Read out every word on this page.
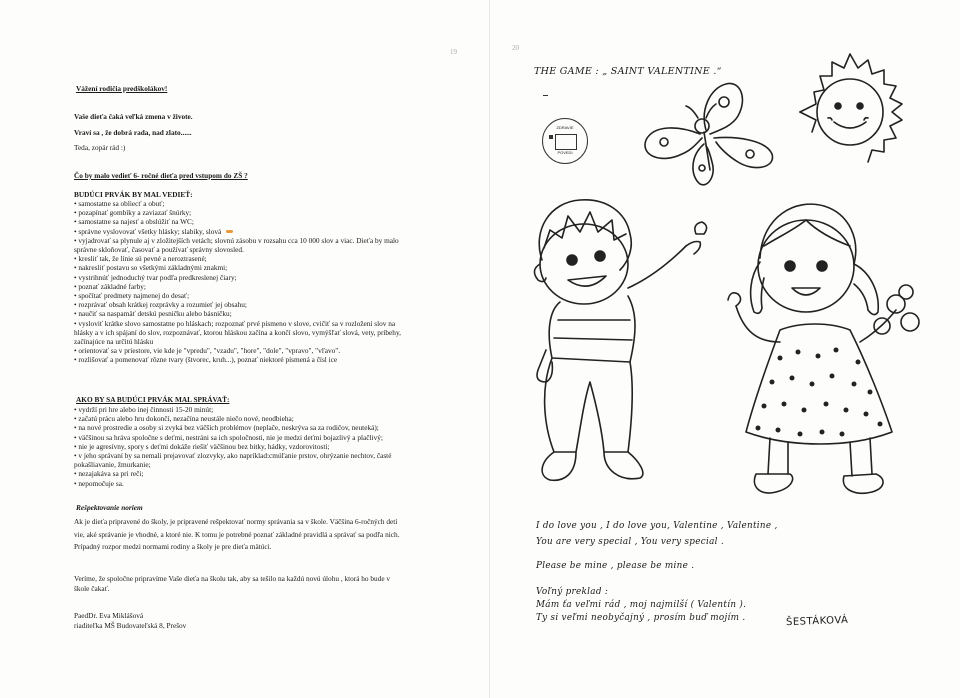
Vážení rodičia predškolákov!
Vaše dieťa čaká veľká zmena v živote.
Vraví sa , že dobrá rada, nad zlato......
Teda, zopár rád :)
Čo by malo vedieť 6- ročné dieťa pred vstupom do ZŠ ?
BUDÚCI PRVÁK BY MAL VEDIEŤ:
• samostatne sa obliecť a obuť;
• pozapínať gombíky a zaviazať šnúrky;
• samostatne sa najesť a obslúžiť na WC;
• správne vyslovovať všetky hlásky; slabiky, slová
• vyjadrovať sa plynule aj v zložitejších vetách; slovnú zásobu v rozsahu cca 10 000 slov a viac. Dieťa by malo
správne skloňovať, časovať a používať správny slovosled.
• kresliť tak, že línie sú pevné a neroztrasené;
• nakresliť postavu so všetkými základnými znakmi;
• vystrihnúť jednoduchý tvar podľa predkreslenej čiary;
• poznať základné farby;
• spočítať predmety najmenej do desať;
• rozprávať obsah krátkej rozprávky a rozumieť jej obsahu;
• naučiť sa naspamäť detskú pesničku alebo básničku;
• vysloviť krátke slovo samostatne po hláskach; rozpoznať prvé písmeno v slove, cvičiť sa v rozložení slov na
hlásky a v ich spájaní do slov, rozpoznávať, ktorou hláskou začína a končí slovo, vymýšľať slová, vety, príbehy,
začínajúce na určitú hlásku
• orientovať sa v priestore, vie kde je "vpredu", "vzadu", "hore", "dole", "vpravo", "vľavo".
• rozlišovať a pomenovať rôzne tvary (štvorec, kruh...), poznať niektoré písmená a čísl ice
AKO BY SA BUDÚCI PRVÁK MAL SPRÁVAŤ:
• vydrží pri hre alebo inej činnosti 15-20 minút;
• začatú prácu alebo hru dokončí, nezačína neustále niečo nové, neodbieha;
• na nové prostredie a osoby si zvyká bez väčších problémov (neplače, neskrýva sa za rodičov, neuteká);
• väčšinou sa hráva spoločne s deťmi, nestráni sa ich spoločnosti, nie je medzi deťmi bojazlivý a plačlivý;
• nie je agresívny, spory s deťmi dokáže riešiť väčšinou bez bitky, hádky, vzdorovitosti;
• v jeho správaní by sa nemali prejavovať zlozvyky, ako napríklad:cmúľanie prstov, ohrýzanie nechtov, časté
pokašliavanie, žmurkanie;
• nezajakáva sa pri reči;
• nepomočuje sa.
Rešpektovanie noriem
Ak je dieťa pripravené do školy, je pripravené rešpektovať normy správania sa v škole. Väčšina 6-ročných detí
vie, aké správanie je vhodné, a ktoré nie. K tomu je potrebné poznať základné pravidlá a správať sa podľa nich.
Prípadný rozpor medzi normami rodiny a školy je pre dieťa mätúci.
Veríme, že spoločne pripravíme Vaše dieťa na školu tak, aby sa tešilo na každú novú úlohu , ktorá ho bude v
škole čakať.
PaedDr. Eva Miklášová
riaditeľka MŠ Budovateľská 8, Prešov
19	20
THE GAME : „ SAINT VALENTINE .“
ZDRAVIE
POVEDI
I do love you , I do love you, Valentine , Valentine ,
You are very special , You very special .
Please be mine , please be mine .
Voľný preklad :
Mám ťa veľmi rád , moj najmilší ( Valentín ).
Ty si veľmi neobyčajný , prosím buď mojím .	ŠESTÁKOVÁ
